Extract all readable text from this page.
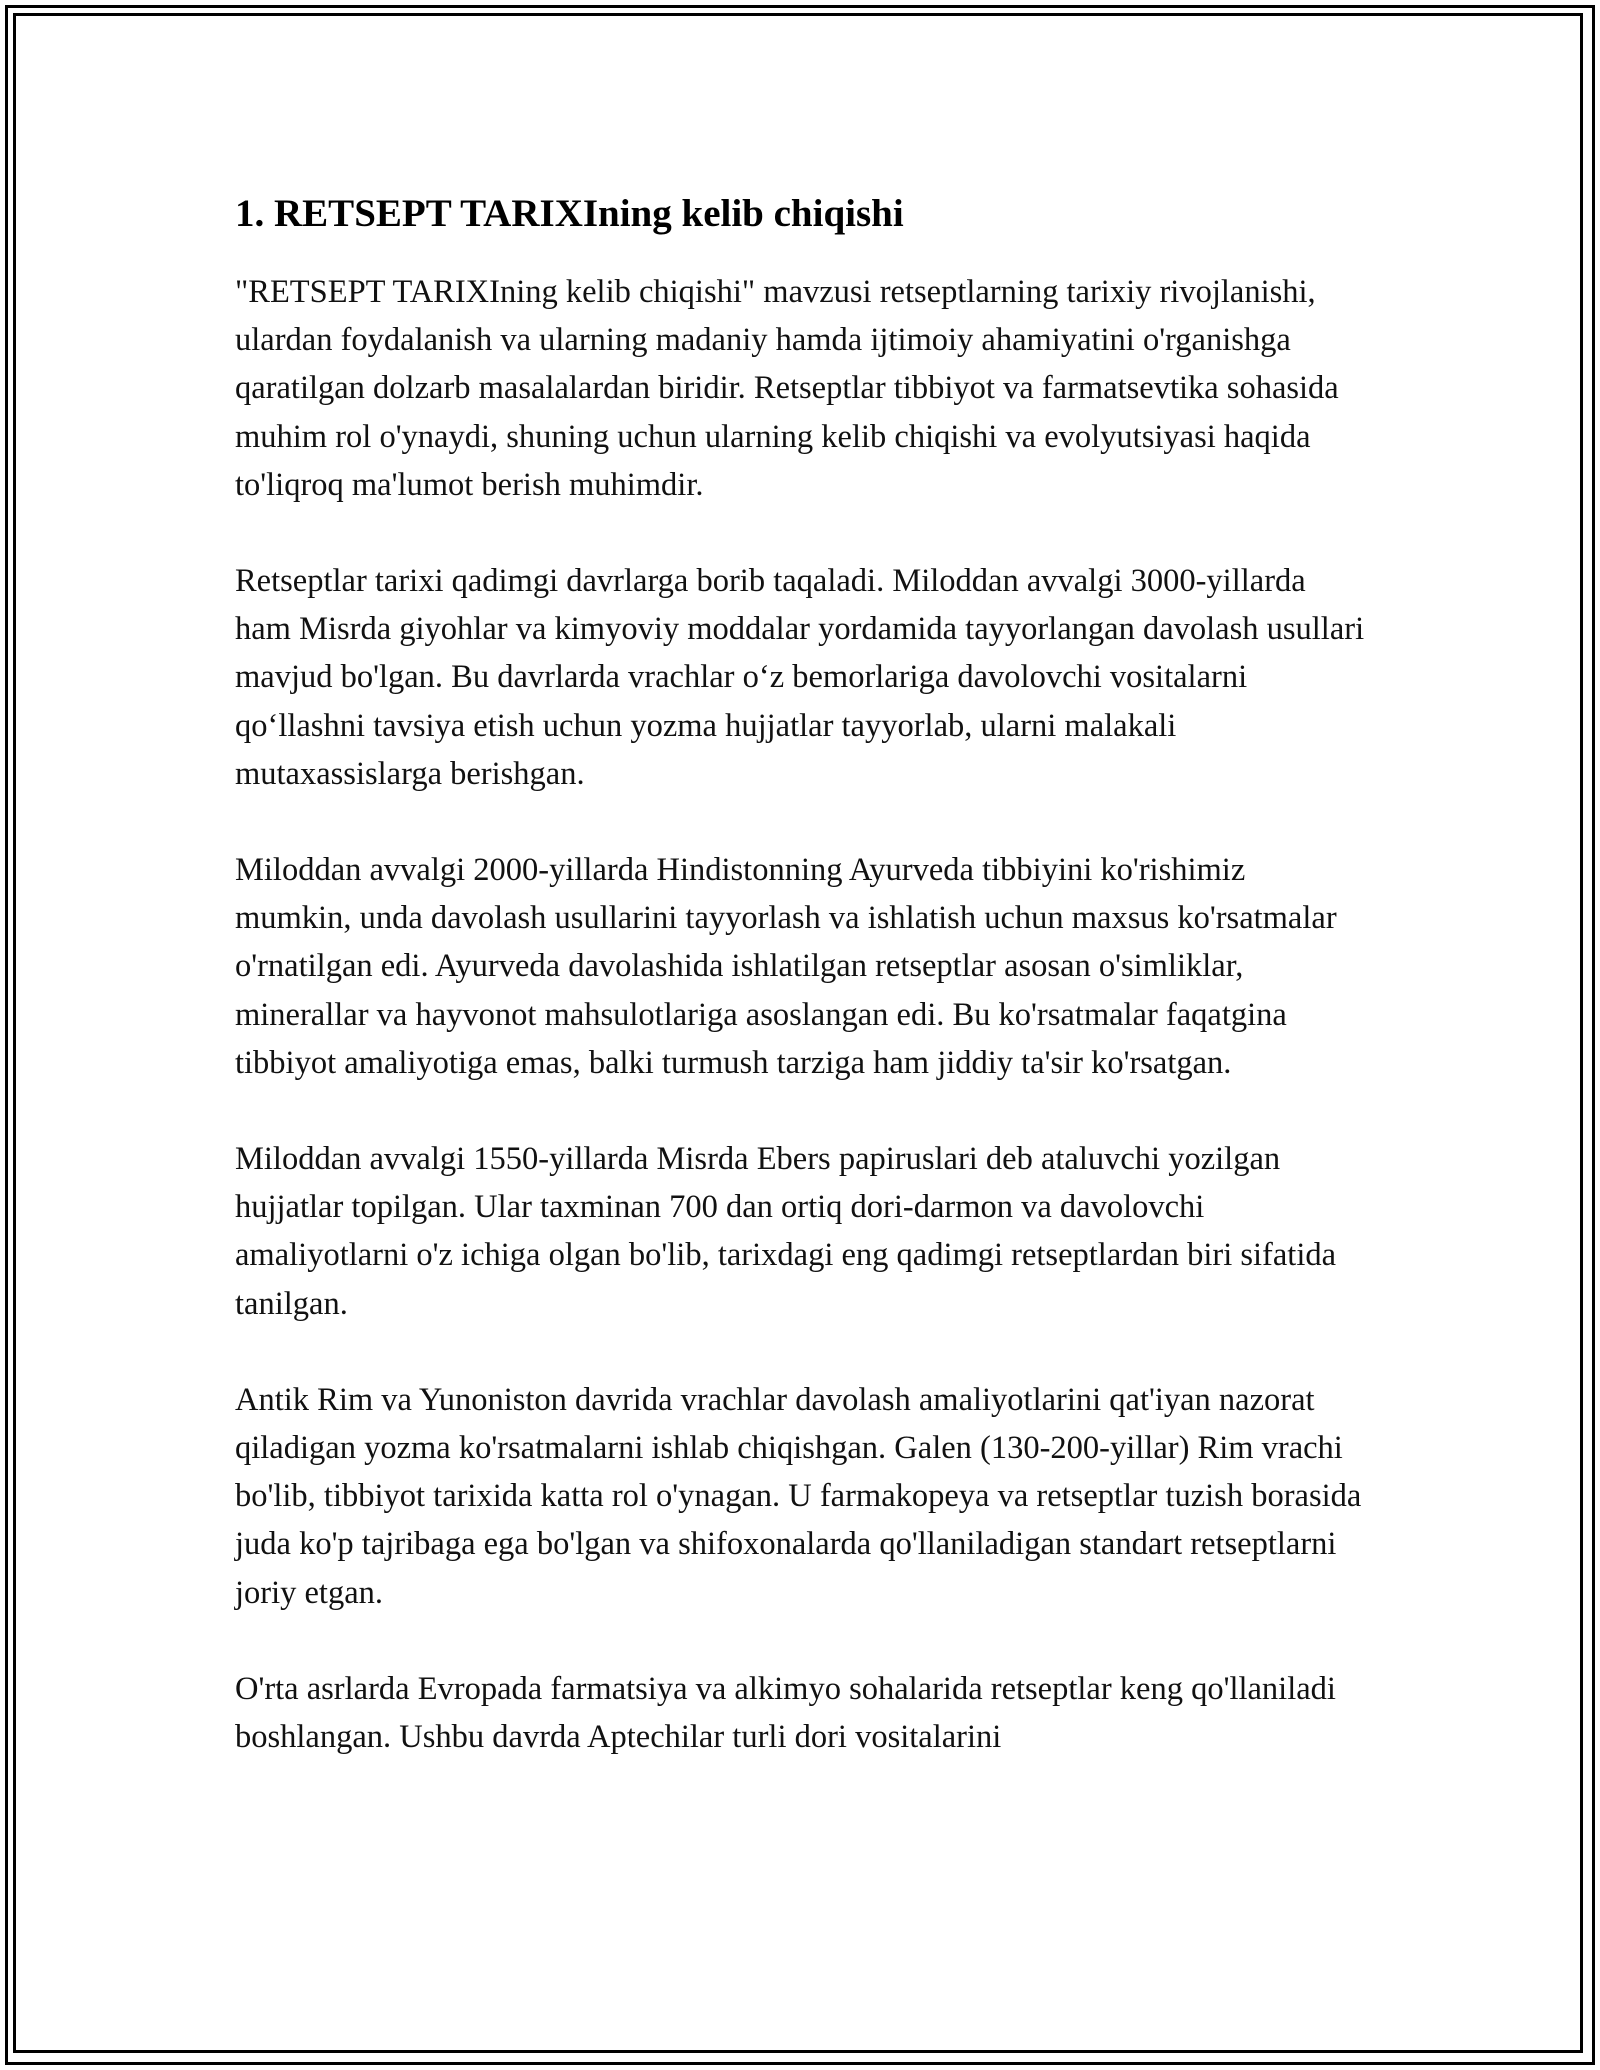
1. RETSEPT TARIXIning kelib chiqishi

"RETSEPT TARIXIning kelib chiqishi" mavzusi retseptlarning tarixiy rivojlanishi, ulardan foydalanish va ularning madaniy hamda ijtimoiy ahamiyatini o'rganishga qaratilgan dolzarb masalalardan biridir. Retseptlar tibbiyot va farmatsevtika sohasida muhim rol o'ynaydi, shuning uchun ularning kelib chiqishi va evolyutsiyasi haqida to'liqroq ma'lumot berish muhimdir.

Retseptlar tarixi qadimgi davrlarga borib taqaladi. Miloddan avvalgi 3000-yillarda ham Misrda giyohlar va kimyoviy moddalar yordamida tayyorlangan davolash usullari mavjud bo'lgan. Bu davrlarda vrachlar o‘z bemorlariga davolovchi vositalarni qo‘llashni tavsiya etish uchun yozma hujjatlar tayyorlab, ularni malakali mutaxassislarga berishgan.

Miloddan avvalgi 2000-yillarda Hindistonning Ayurveda tibbiyini ko'rishimiz mumkin, unda davolash usullarini tayyorlash va ishlatish uchun maxsus ko'rsatmalar o'rnatilgan edi. Ayurveda davolashida ishlatilgan retseptlar asosan o'simliklar, minerallar va hayvonot mahsulotlariga asoslangan edi. Bu ko'rsatmalar faqatgina tibbiyot amaliyotiga emas, balki turmush tarziga ham jiddiy ta'sir ko'rsatgan.

Miloddan avvalgi 1550-yillarda Misrda Ebers papiruslari deb ataluvchi yozilgan hujjatlar topilgan. Ular taxminan 700 dan ortiq dori-darmon va davolovchi amaliyotlarni o'z ichiga olgan bo'lib, tarixdagi eng qadimgi retseptlardan biri sifatida tanilgan.

Antik Rim va Yunoniston davrida vrachlar davolash amaliyotlarini qat'iyan nazorat qiladigan yozma ko'rsatmalarni ishlab chiqishgan. Galen (130-200-yillar) Rim vrachi bo'lib, tibbiyot tarixida katta rol o'ynagan. U farmakopeya va retseptlar tuzish borasida juda ko'p tajribaga ega bo'lgan va shifoxonalarda qo'llaniladigan standart retseptlarni joriy etgan.

O'rta asrlarda Evropada farmatsiya va alkimyo sohalarida retseptlar keng qo'llaniladi boshlangan. Ushbu davrda Aptechilar turli dori vositalarini
